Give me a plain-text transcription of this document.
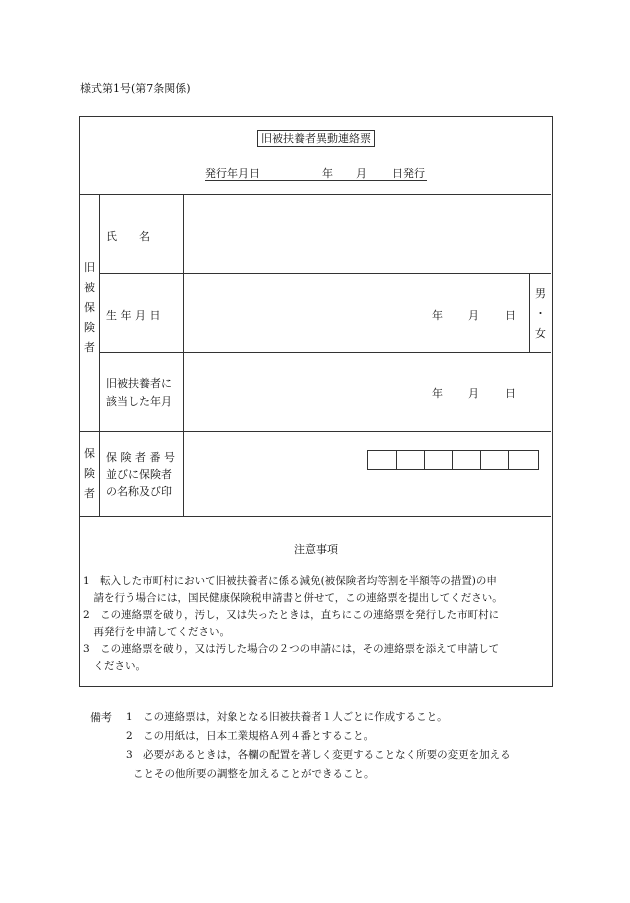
様式第1号(第7条関係)
旧被扶養者異動連絡票
発行年月日	年 月 日発行
旧
被
保
険
者
氏　　名
生 年 月 日	年 月 日
男
・
女
旧被扶養者に
該当した年月
年 月 日
保
険
者
保 険 者 番 号
並びに保険者
の名称及び印
注意事項

1　転入した市町村において旧被扶養者に係る減免(被保険者均等割を半額等の措置)の申

　請を行う場合には，国民健康保険税申請書と併せて，この連絡票を提出してください。

2　この連絡票を破り，汚し，又は失ったときは，直ちにこの連絡票を発行した市町村に

　再発行を申請してください。

3　この連絡票を破り，又は汚した場合の２つの申請には，その連絡票を添えて申請して

　ください。

備考 1　この連絡票は，対象となる旧被扶養者１人ごとに作成すること。

2　この用紙は，日本工業規格Ａ列４番とすること。

3　必要があるときは，各欄の配置を著しく変更することなく所要の変更を加える

ことその他所要の調整を加えることができること。
